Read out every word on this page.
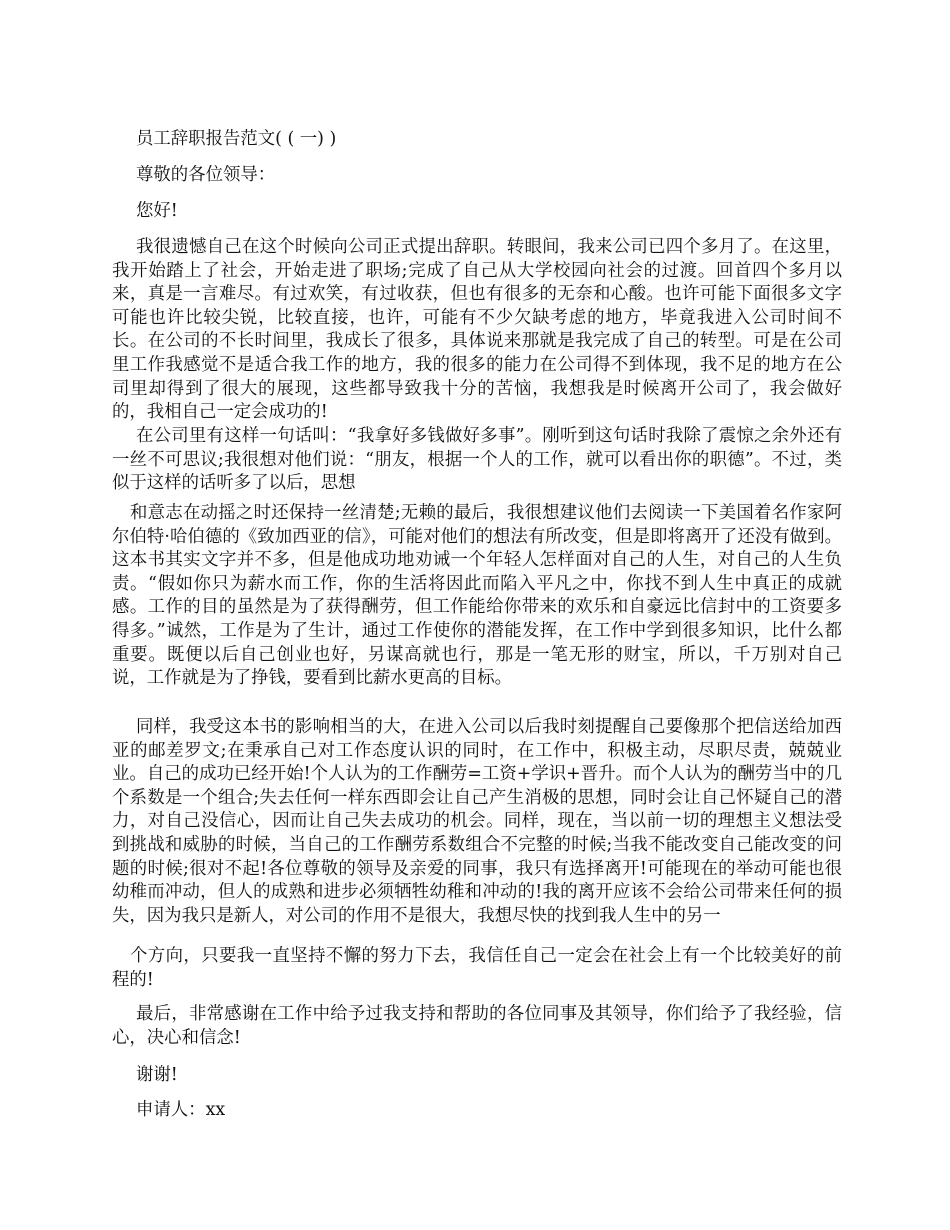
员工辞职报告范文( ( 一) )

尊敬的各位领导：

您好!

我很遗憾自己在这个时候向公司正式提出辞职。转眼间，我来公司已四个多月了。在这里，我开始踏上了社会，开始走进了职场;完成了自己从大学校园向社会的过渡。回首四个多月以来，真是一言难尽。有过欢笑，有过收获，但也有很多的无奈和心酸。也许可能下面很多文字可能也许比较尖锐，比较直接，也许，可能有不少欠缺考虑的地方，毕竟我进入公司时间不长。在公司的不长时间里，我成长了很多，具体说来那就是我完成了自己的转型。可是在公司里工作我感觉不是适合我工作的地方，我的很多的能力在公司得不到体现，我不足的地方在公司里却得到了很大的展现，这些都导致我十分的苦恼，我想我是时候离开公司了，我会做好的，我相自己一定会成功的!

在公司里有这样一句话叫：“我拿好多钱做好多事”。刚听到这句话时我除了震惊之余外还有一丝不可思议;我很想对他们说：“朋友，根据一个人的工作，就可以看出你的职德”。不过，类似于这样的话听多了以后，思想

和意志在动摇之时还保持一丝清楚;无赖的最后，我很想建议他们去阅读一下美国着名作家阿尔伯特·哈伯德的《致加西亚的信》，可能对他们的想法有所改变，但是即将离开了还没有做到。这本书其实文字并不多，但是他成功地劝诫一个年轻人怎样面对自己的人生，对自己的人生负责。“假如你只为薪水而工作，你的生活将因此而陷入平凡之中，你找不到人生中真正的成就感。工作的目的虽然是为了获得酬劳，但工作能给你带来的欢乐和自豪远比信封中的工资要多得多。”诚然，工作是为了生计，通过工作使你的潜能发挥，在工作中学到很多知识，比什么都重要。既便以后自己创业也好，另谋高就也行，那是一笔无形的财宝，所以，千万别对自己说，工作就是为了挣钱，要看到比薪水更高的目标。

同样，我受这本书的影响相当的大，在进入公司以后我时刻提醒自己要像那个把信送给加西亚的邮差罗文;在秉承自己对工作态度认识的同时，在工作中，积极主动，尽职尽责，兢兢业业。自己的成功已经开始!个人认为的工作酬劳=工资+学识+晋升。而个人认为的酬劳当中的几个系数是一个组合;失去任何一样东西即会让自己产生消极的思想，同时会让自己怀疑自己的潜力，对自己没信心，因而让自己失去成功的机会。同样，现在，当以前一切的理想主义想法受到挑战和威胁的时候，当自己的工作酬劳系数组合不完整的时候;当我不能改变自己能改变的问题的时候;很对不起!各位尊敬的领导及亲爱的同事，我只有选择离开!可能现在的举动可能也很幼稚而冲动，但人的成熟和进步必须牺牲幼稚和冲动的!我的离开应该不会给公司带来任何的损失，因为我只是新人，对公司的作用不是很大，我想尽快的找到我人生中的另一

个方向，只要我一直坚持不懈的努力下去，我信任自己一定会在社会上有一个比较美好的前程的!

最后，非常感谢在工作中给予过我支持和帮助的各位同事及其领导，你们给予了我经验，信心，决心和信念!

谢谢!

申请人：xx
